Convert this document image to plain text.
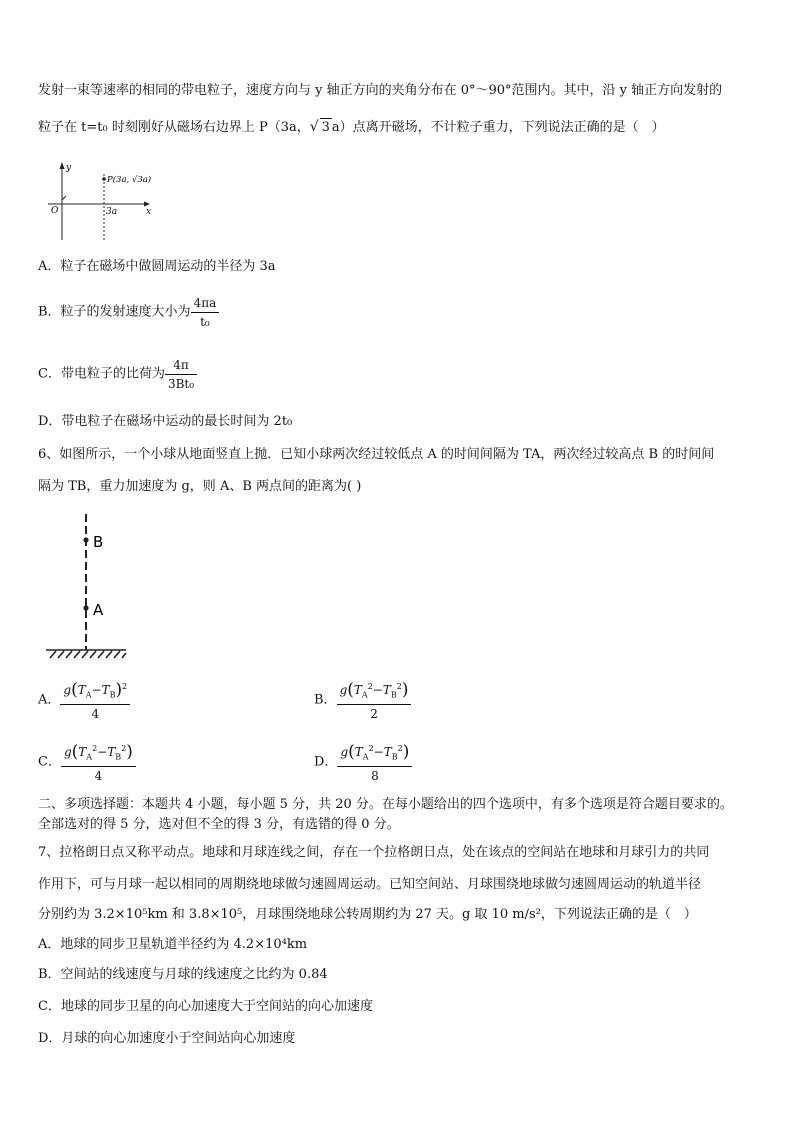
发射一束等速率的相同的带电粒子，速度方向与 y 轴正方向的夹角分布在 0°～90°范围内。其中，沿 y 轴正方向发射的
粒子在 t=t₀ 时刻刚好从磁场右边界上 P（3a，√ 3 a）点离开磁场，不计粒子重力，下列说法正确的是（　）
y
x
O	3a
P(3a, √3a)
A．粒子在磁场中做圆周运动的半径为 3a
B．粒子的发射速度大小为 $\frac{4\pi a}{\text{t₀}}$
C．带电粒子的比荷为 $\frac{4\pi}{\text{3Bt₀}}$
D．带电粒子在磁场中运动的最长时间为 2t₀
6、如图所示，一个小球从地面竖直上抛．已知小球两次经过较低点 A 的时间间隔为 TA，两次经过较高点 B 的时间间
隔为 TB，重力加速度为 g，则 A、B 两点间的距离为( )
B
A
A． $\frac{g(T_A-T_B)^2}{4}$	B． $\frac{g(T_A^2-T_B^2)}{2}$
C． $\frac{g(T_A^2-T_B^2)}{4}$	D． $\frac{g(T_A^2-T_B^2)}{8}$
二、多项选择题：本题共 4 小题，每小题 5 分，共 20 分。在每小题给出的四个选项中，有多个选项是符合题目要求的。
全部选对的得 5 分，选对但不全的得 3 分，有选错的得 0 分。
7、拉格朗日点又称平动点。地球和月球连线之间，存在一个拉格朗日点，处在该点的空间站在地球和月球引力的共同
作用下，可与月球一起以相同的周期绕地球做匀速圆周运动。已知空间站、月球围绕地球做匀速圆周运动的轨道半径
分别约为 3.2×10⁵km 和 3.8×10⁵，月球围绕地球公转周期约为 27 天。g 取 10 m/s²，下列说法正确的是（　）
A．地球的同步卫星轨道半径约为 4.2×10⁴km
B．空间站的线速度与月球的线速度之比约为 0.84
C．地球的同步卫星的向心加速度大于空间站的向心加速度
D．月球的向心加速度小于空间站向心加速度
